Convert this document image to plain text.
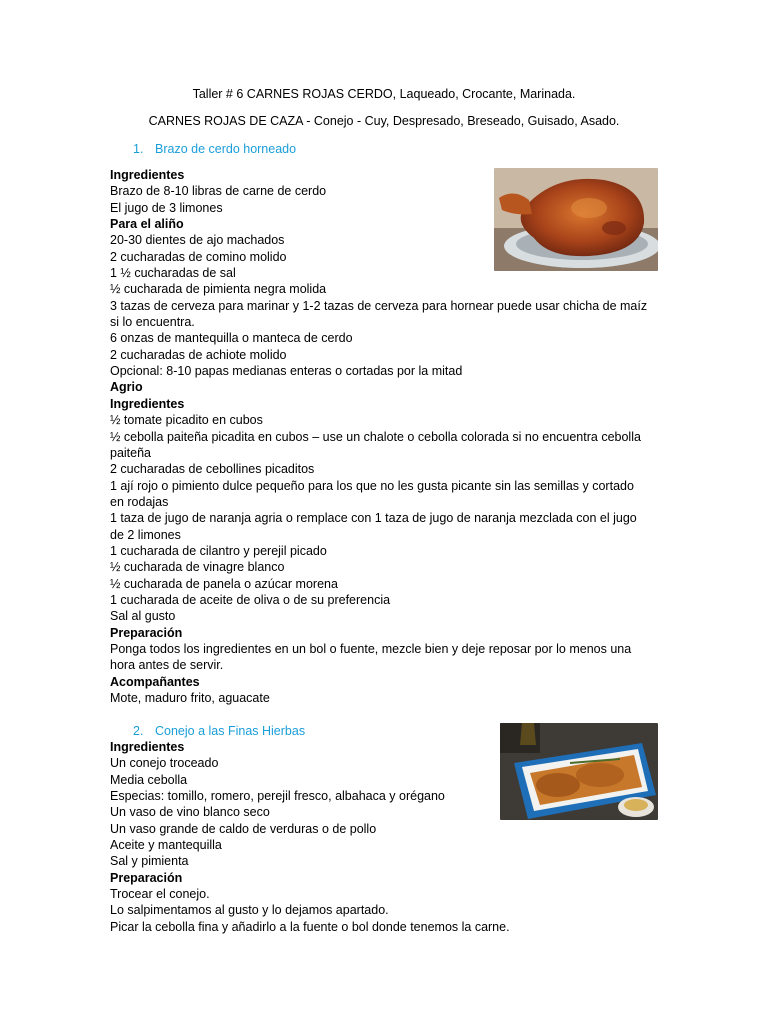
Taller # 6 CARNES ROJAS CERDO, Laqueado, Crocante, Marinada.
CARNES ROJAS DE CAZA - Conejo - Cuy, Despresado, Breseado, Guisado, Asado.
1. Brazo de cerdo horneado
Ingredientes
Brazo de 8-10 libras de carne de cerdo
El jugo de 3 limones
Para el aliño
20-30 dientes de ajo machados
2 cucharadas de comino molido
1 ½ cucharadas de sal
½ cucharada de pimienta negra molida
3 tazas de cerveza para marinar y 1-2 tazas de cerveza para hornear puede usar chicha de maíz
si lo encuentra.
6 onzas de mantequilla o manteca de cerdo
2 cucharadas de achiote molido
Opcional: 8-10 papas medianas enteras o cortadas por la mitad
Agrio
Ingredientes
½ tomate picadito en cubos
½ cebolla paiteña picadita en cubos – use un chalote o cebolla colorada si no encuentra cebolla
paiteña
2 cucharadas de cebollines picaditos
1 ají rojo o pimiento dulce pequeño para los que no les gusta picante sin las semillas y cortado
en rodajas
1 taza de jugo de naranja agria o remplace con 1 taza de jugo de naranja mezclada con el jugo
de 2 limones
1 cucharada de cilantro y perejil picado
½ cucharada de vinagre blanco
½ cucharada de panela o azúcar morena
1 cucharada de aceite de oliva o de su preferencia
Sal al gusto
Preparación
Ponga todos los ingredientes en un bol o fuente, mezcle bien y deje reposar por lo menos una
hora antes de servir.
Acompañantes
Mote, maduro frito, aguacate
2. Conejo a las Finas Hierbas
Ingredientes
Un conejo troceado
Media cebolla
Especias: tomillo, romero, perejil fresco, albahaca y orégano
Un vaso de vino blanco seco
Un vaso grande de caldo de verduras o de pollo
Aceite y mantequilla
Sal y pimienta
Preparación
Trocear el conejo.
Lo salpimentamos al gusto y lo dejamos apartado.
Picar la cebolla fina y añadirlo a la fuente o bol donde tenemos la carne.
